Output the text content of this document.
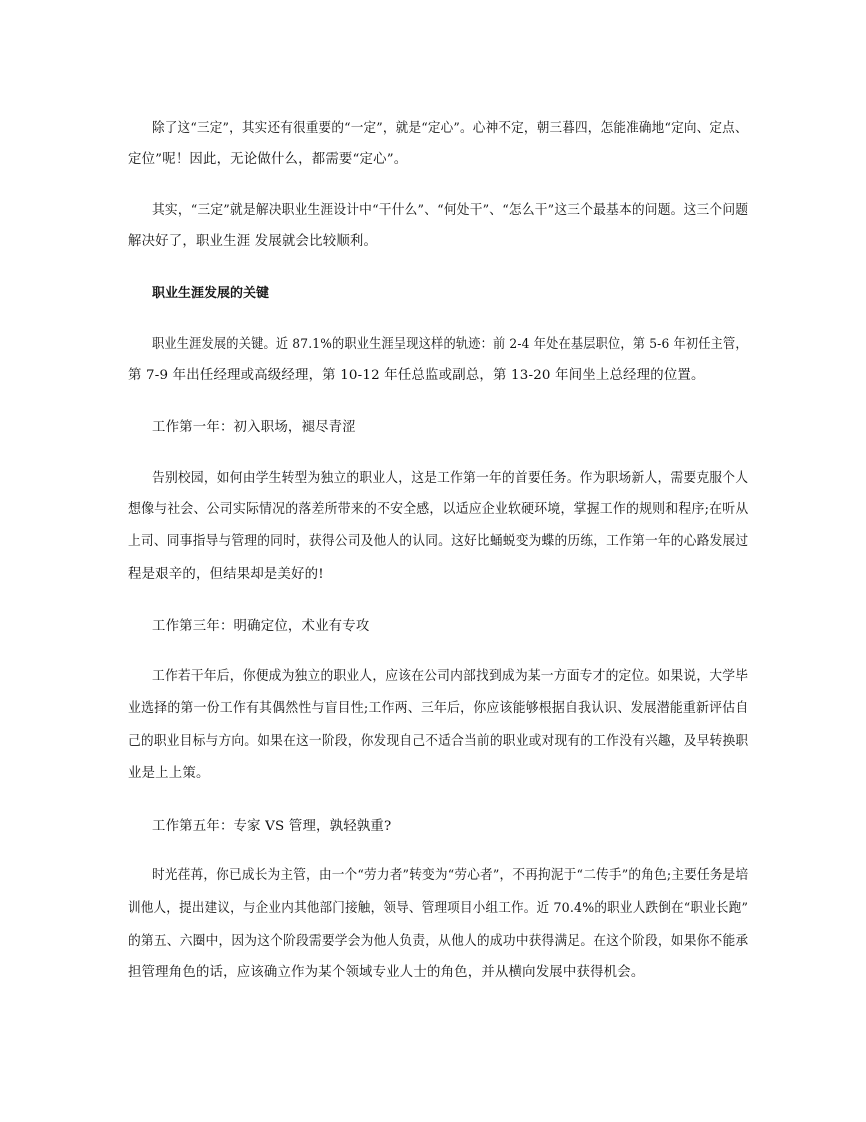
除了这“三定”，其实还有很重要的“一定”，就是“定心”。心神不定，朝三暮四，怎能准确地“定向、定点、
定位”呢！因此，无论做什么，都需要“定心”。
其实，“三定”就是解决职业生涯设计中“干什么”、“何处干”、“怎么干”这三个最基本的问题。这三个问题
解决好了，职业生涯 发展就会比较顺利。
职业生涯发展的关键
职业生涯发展的关键。近 87.1%的职业生涯呈现这样的轨迹：前 2-4 年处在基层职位，第 5-6 年初任主管，
第 7-9 年出任经理或高级经理，第 10-12 年任总监或副总，第 13-20 年间坐上总经理的位置。
工作第一年：初入职场，褪尽青涩
告别校园，如何由学生转型为独立的职业人，这是工作第一年的首要任务。作为职场新人，需要克服个人
想像与社会、公司实际情况的落差所带来的不安全感，以适应企业软硬环境，掌握工作的规则和程序;在听从
上司、同事指导与管理的同时，获得公司及他人的认同。这好比蛹蜕变为蝶的历练，工作第一年的心路发展过
程是艰辛的，但结果却是美好的!
工作第三年：明确定位，术业有专攻
工作若干年后，你便成为独立的职业人，应该在公司内部找到成为某一方面专才的定位。如果说，大学毕
业选择的第一份工作有其偶然性与盲目性;工作两、三年后，你应该能够根据自我认识、发展潜能重新评估自
己的职业目标与方向。如果在这一阶段，你发现自己不适合当前的职业或对现有的工作没有兴趣，及早转换职
业是上上策。
工作第五年：专家 VS 管理，孰轻孰重?
时光荏苒，你已成长为主管，由一个“劳力者”转变为“劳心者”，不再拘泥于“二传手”的角色;主要任务是培
训他人，提出建议，与企业内其他部门接触，领导、管理项目小组工作。近 70.4%的职业人跌倒在“职业长跑”
的第五、六圈中，因为这个阶段需要学会为他人负责，从他人的成功中获得满足。在这个阶段，如果你不能承
担管理角色的话，应该确立作为某个领域专业人士的角色，并从横向发展中获得机会。
